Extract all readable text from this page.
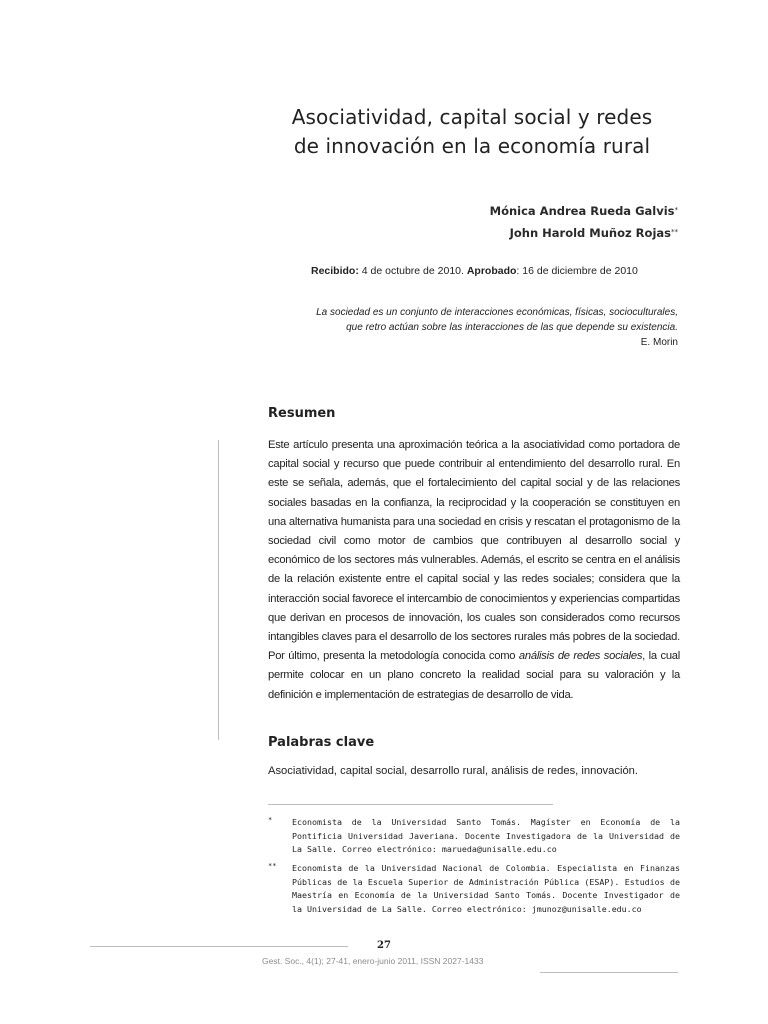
Asociatividad, capital social y redes
de innovación en la economía rural
Mónica Andrea Rueda Galvis*
John Harold Muñoz Rojas**
Recibido: 4 de octubre de 2010. Aprobado: 16 de diciembre de 2010
La sociedad es un conjunto de interacciones económicas, físicas, socioculturales,
que retro actúan sobre las interacciones de las que depende su existencia.
E. Morin
Resumen

Este artículo presenta una aproximación teórica a la asociatividad como portadora de capital social y recurso que puede contribuir al entendimiento del desarrollo rural. En este se señala, además, que el fortalecimiento del capital social y de las relaciones sociales basadas en la confianza, la reciprocidad y la cooperación se constituyen en una alternativa humanista para una sociedad en crisis y rescatan el protagonismo de la sociedad civil como motor de cambios que contribuyen al desarrollo social y económico de los sectores más vulnerables. Además, el escrito se centra en el análisis de la relación existente entre el capital social y las redes sociales; considera que la interacción social favorece el intercambio de conocimientos y experiencias compartidas que derivan en procesos de innovación, los cuales son considerados como recursos intangibles claves para el desarrollo de los sectores rurales más pobres de la sociedad. Por último, presenta la metodología conocida como análisis de redes sociales, la cual permite colocar en un plano concreto la realidad social para su valoración y la definición e implementación de estrategias de desarrollo de vida.

Palabras clave
Asociatividad, capital social, desarrollo rural, análisis de redes, innovación.
* Economista de la Universidad Santo Tomás. Magíster en Economía de la Pontificia Universidad Javeriana. Docente Investigadora de la Universidad de La Salle. Correo electrónico: marueda@unisalle.edu.co
** Economista de la Universidad Nacional de Colombia. Especialista en Finanzas Públicas de la Escuela Superior de Administración Pública (ESAP). Estudios de Maestría en Economía de la Universidad Santo Tomás. Docente Investigador de la Universidad de La Salle. Correo electrónico: jmunoz@unisalle.edu.co
27
Gest. Soc., 4(1); 27-41, enero-junio 2011, ISSN 2027-1433
